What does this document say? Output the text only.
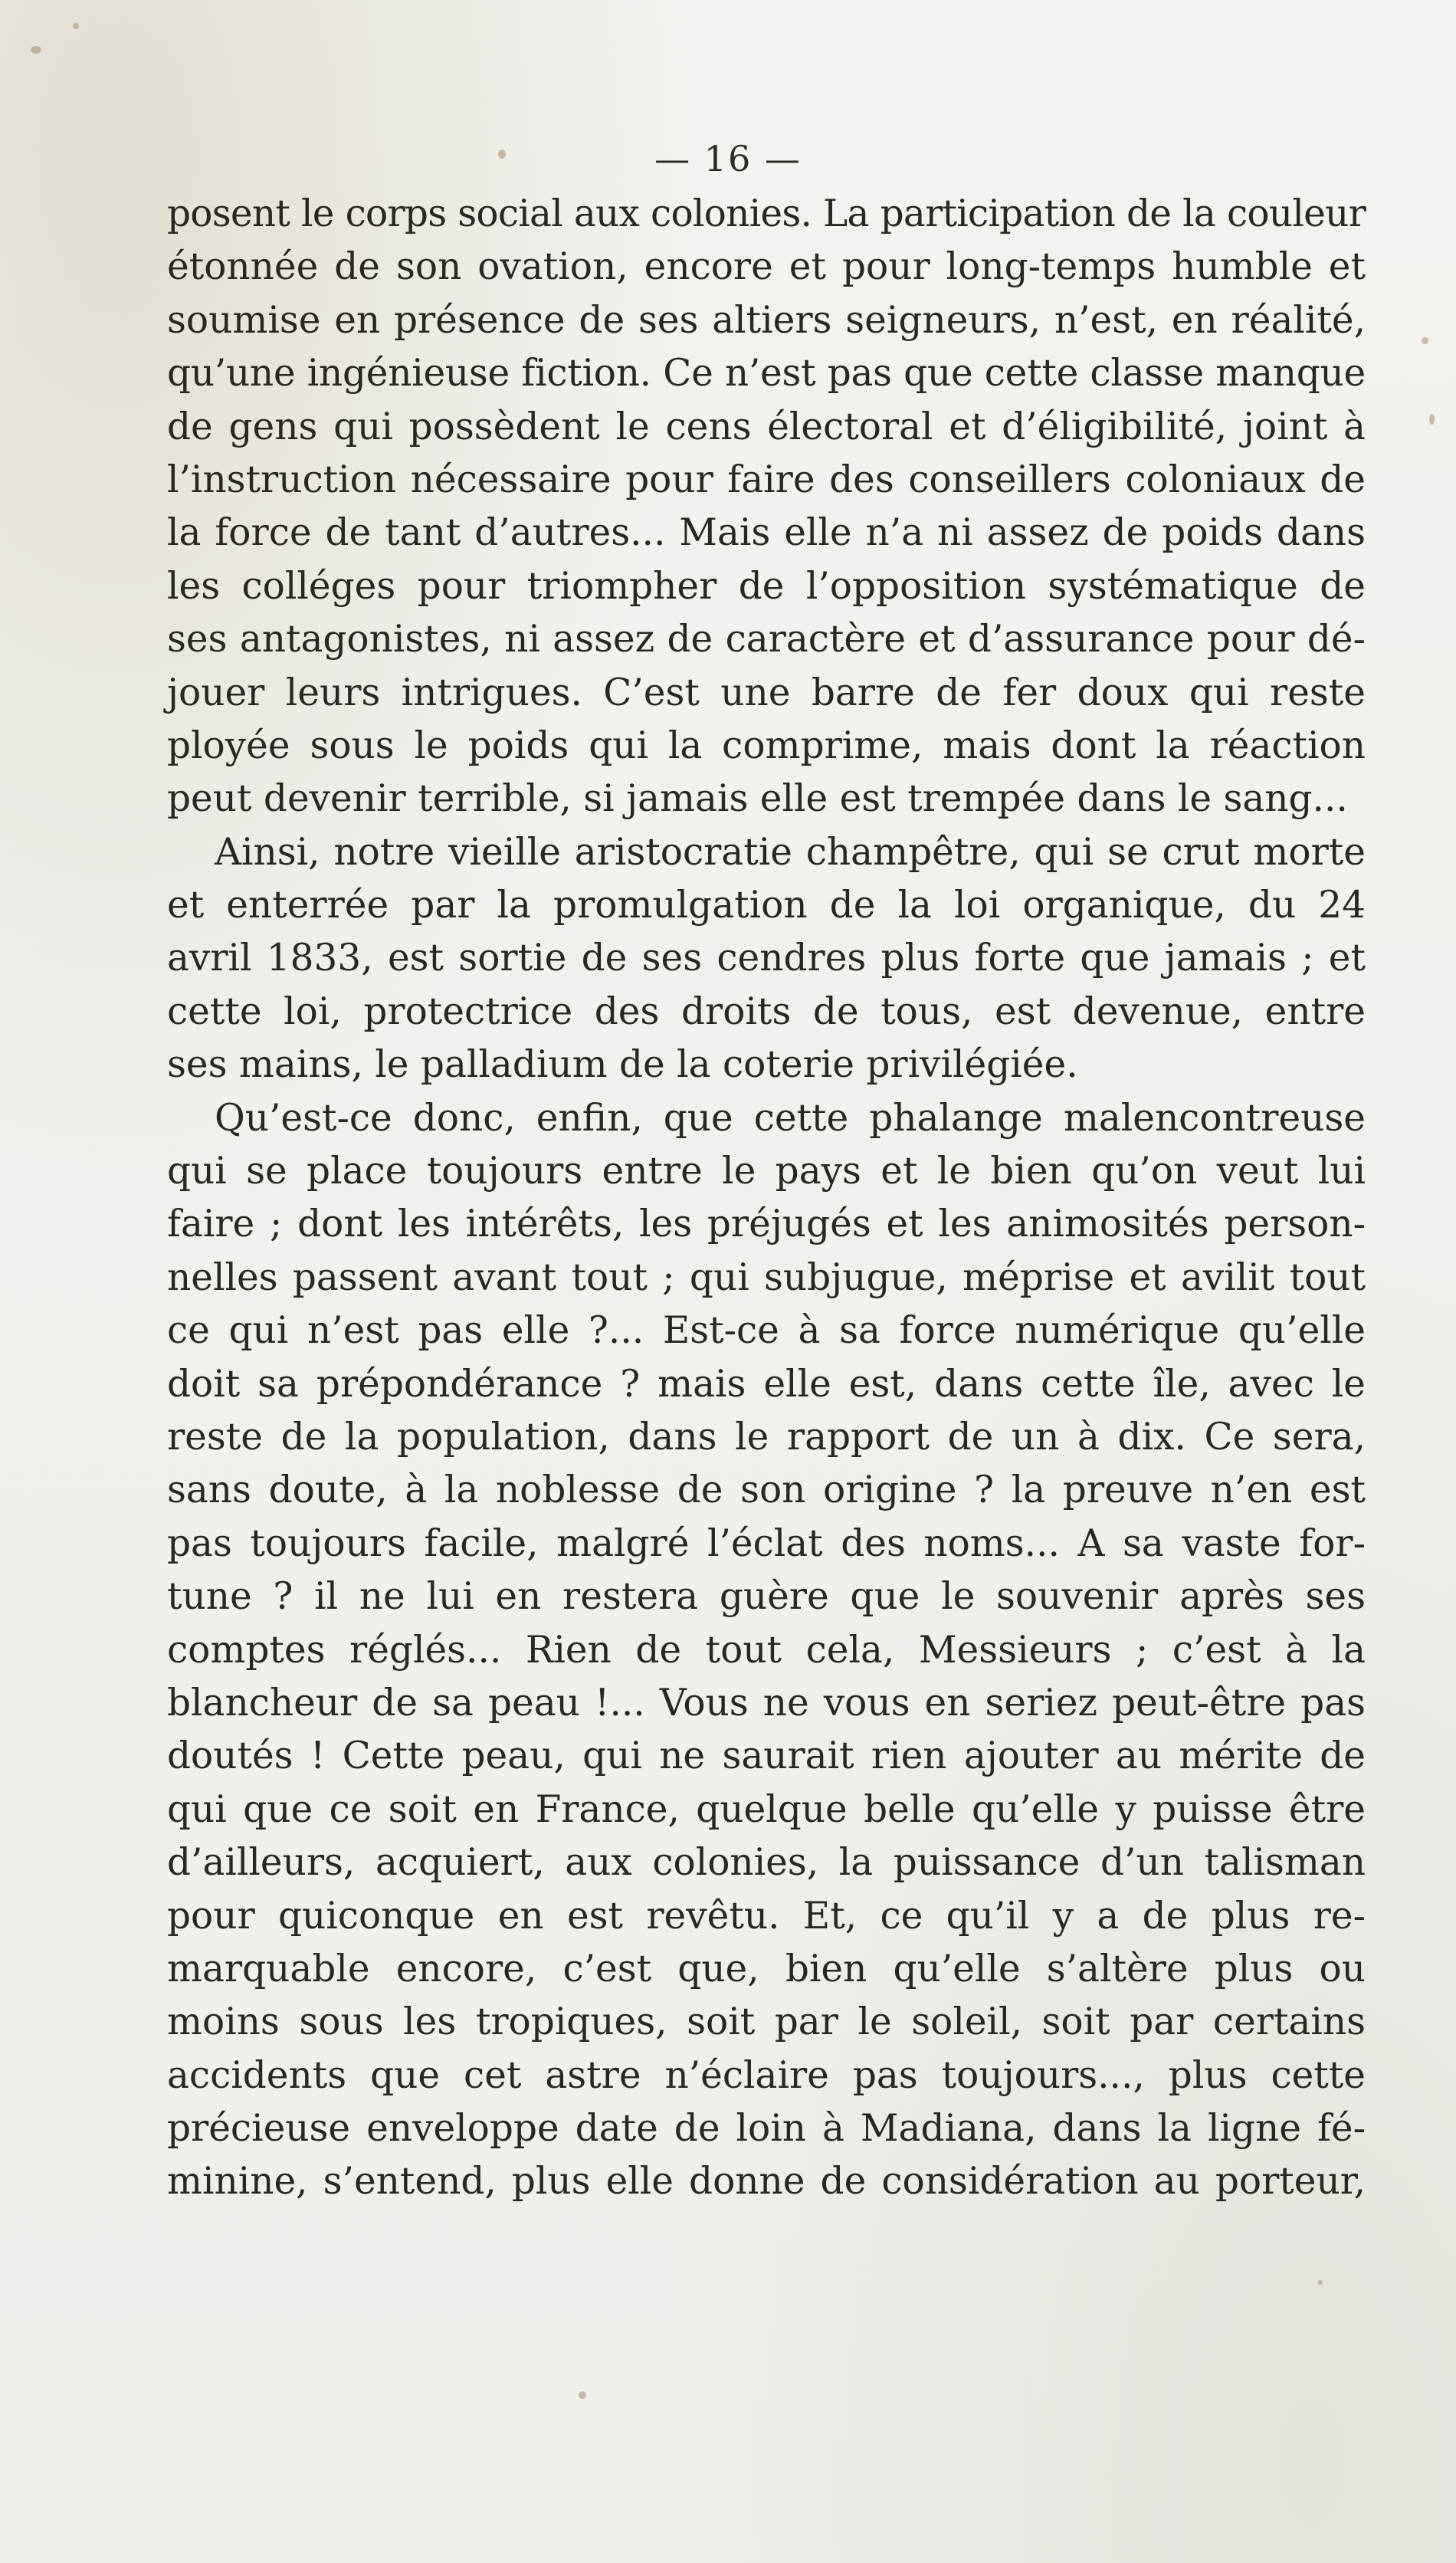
— 16 —
posent le corps social aux colonies. La participation de la couleur
étonnée de son ovation, encore et pour long-temps humble et
soumise en présence de ses altiers seigneurs, n’est, en réalité,
qu’une ingénieuse fiction. Ce n’est pas que cette classe manque
de gens qui possèdent le cens électoral et d’éligibilité, joint à
l’instruction nécessaire pour faire des conseillers coloniaux de
la force de tant d’autres... Mais elle n’a ni assez de poids dans
les colléges pour triompher de l’opposition systématique de
ses antagonistes, ni assez de caractère et d’assurance pour dé-
jouer leurs intrigues. C’est une barre de fer doux qui reste
ployée sous le poids qui la comprime, mais dont la réaction
peut devenir terrible, si jamais elle est trempée dans le sang...
Ainsi, notre vieille aristocratie champêtre, qui se crut morte
et enterrée par la promulgation de la loi organique, du 24
avril 1833, est sortie de ses cendres plus forte que jamais ; et
cette loi, protectrice des droits de tous, est devenue, entre
ses mains, le palladium de la coterie privilégiée.
Qu’est-ce donc, enfin, que cette phalange malencontreuse
qui se place toujours entre le pays et le bien qu’on veut lui
faire ; dont les intérêts, les préjugés et les animosités person-
nelles passent avant tout ; qui subjugue, méprise et avilit tout
ce qui n’est pas elle ?... Est-ce à sa force numérique qu’elle
doit sa prépondérance ? mais elle est, dans cette île, avec le
reste de la population, dans le rapport de un à dix. Ce sera,
sans doute, à la noblesse de son origine ? la preuve n’en est
pas toujours facile, malgré l’éclat des noms... A sa vaste for-
tune ? il ne lui en restera guère que le souvenir après ses
comptes réglés... Rien de tout cela, Messieurs ; c’est à la
blancheur de sa peau !... Vous ne vous en seriez peut-être pas
doutés ! Cette peau, qui ne saurait rien ajouter au mérite de
qui que ce soit en France, quelque belle qu’elle y puisse être
d’ailleurs, acquiert, aux colonies, la puissance d’un talisman
pour quiconque en est revêtu. Et, ce qu’il y a de plus re-
marquable encore, c’est que, bien qu’elle s’altère plus ou
moins sous les tropiques, soit par le soleil, soit par certains
accidents que cet astre n’éclaire pas toujours..., plus cette
précieuse enveloppe date de loin à Madiana, dans la ligne fé-
minine, s’entend, plus elle donne de considération au porteur,
